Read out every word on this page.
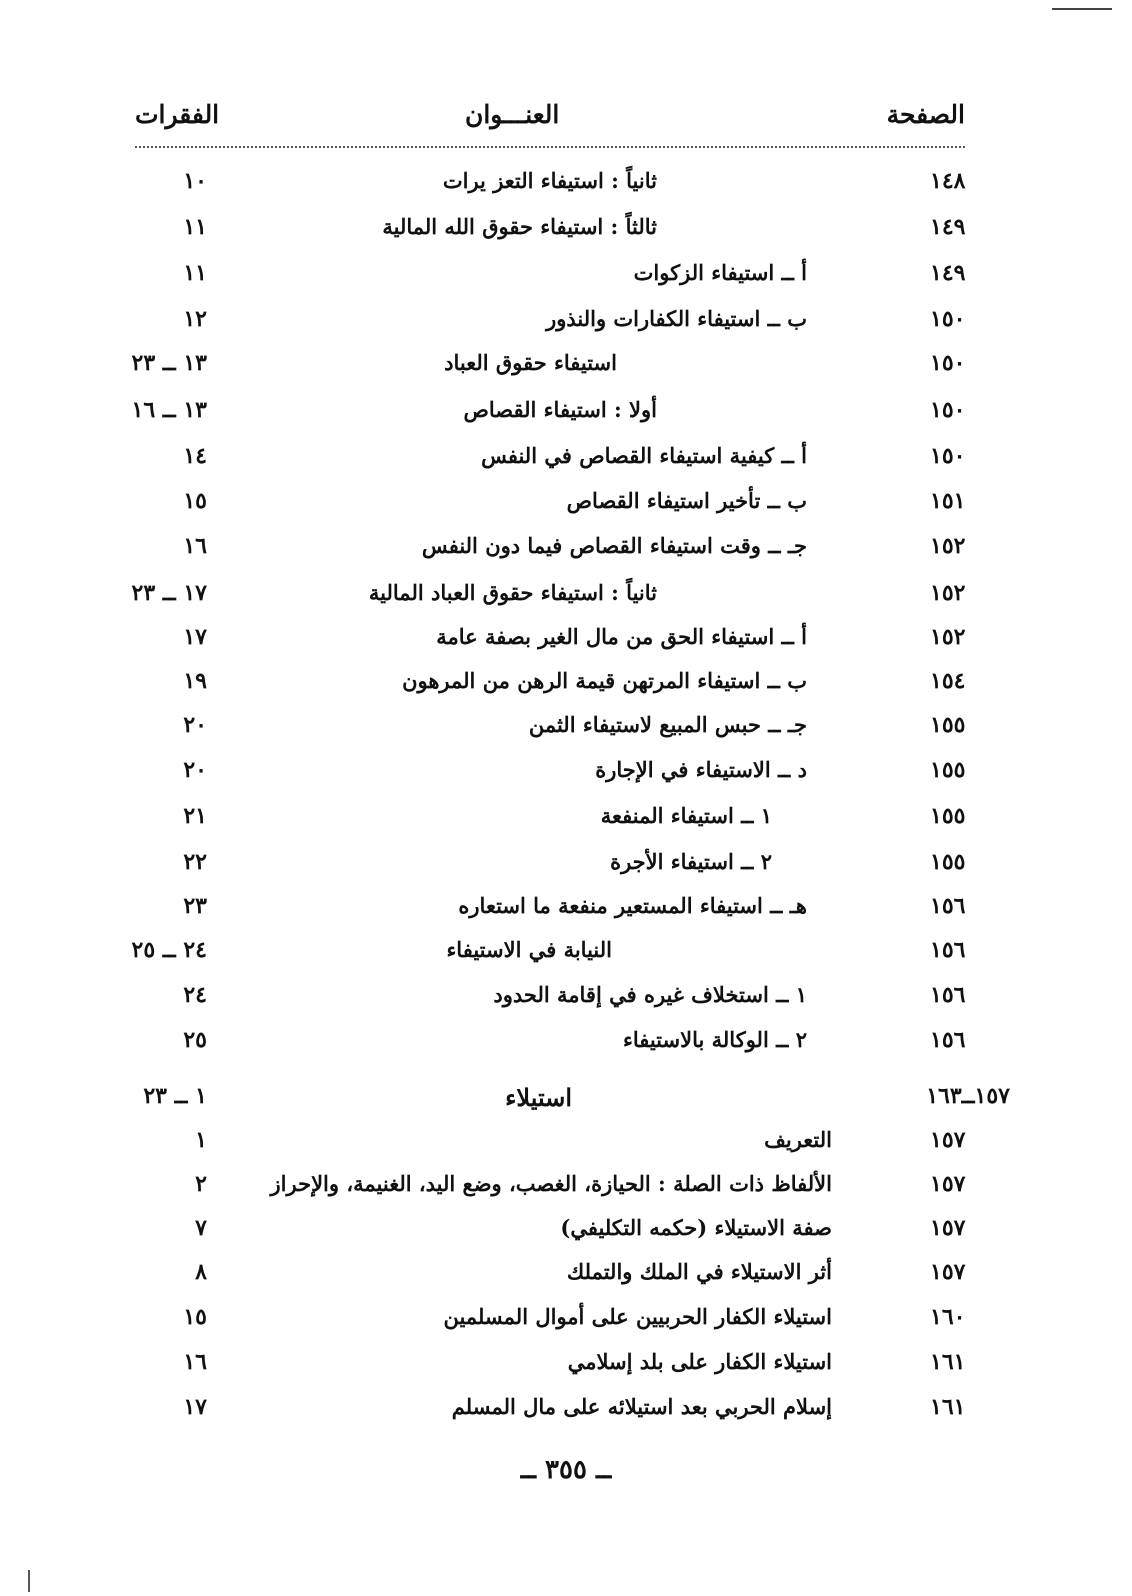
الفقرات	العنـــوان	الصفحة
١٠	ثانياً : استيفاء التعز يرات	١٤٨
١١	ثالثاً : استيفاء حقوق الله المالية	١٤٩
١١	أ ــ استيفاء الزكوات	١٤٩
١٢	ب ــ استيفاء الكفارات والنذور	١٥٠
١٣ ــ ٢٣	استيفاء حقوق العباد	١٥٠
١٣ ــ ١٦	أولا : استيفاء القصاص	١٥٠
١٤	أ ــ كيفية استيفاء القصاص في النفس	١٥٠
١٥	ب ــ تأخير استيفاء القصاص	١٥١
١٦	جـ ــ وقت استيفاء القصاص فيما دون النفس	١٥٢
١٧ ــ ٢٣	ثانياً : استيفاء حقوق العباد المالية	١٥٢
١٧	أ ــ استيفاء الحق من مال الغير بصفة عامة	١٥٢
١٩	ب ــ استيفاء المرتهن قيمة الرهن من المرهون	١٥٤
٢٠	جـ ــ حبس المبيع لاستيفاء الثمن	١٥٥
٢٠	د ــ الاستيفاء في الإجارة	١٥٥
٢١	١ ــ استيفاء المنفعة	١٥٥
٢٢	٢ ــ استيفاء الأجرة	١٥٥
٢٣	هـ ــ استيفاء المستعير منفعة ما استعاره	١٥٦
٢٤ ــ ٢٥	النيابة في الاستيفاء	١٥٦
٢٤	١ ــ استخلاف غيره في إقامة الحدود	١٥٦
٢٥	٢ ــ الوكالة بالاستيفاء	١٥٦
١ ــ ٢٣	استيلاء	١٥٧ــ١٦٣
١	التعريف	١٥٧
٢	الألفاظ ذات الصلة : الحيازة، الغصب، وضع اليد، الغنيمة، والإحراز	١٥٧
٧	صفة الاستيلاء (حكمه التكليفي)	١٥٧
٨	أثر الاستيلاء في الملك والتملك	١٥٧
١٥	استيلاء الكفار الحربيين على أموال المسلمين	١٦٠
١٦	استيلاء الكفار على بلد إسلامي	١٦١
١٧	إسلام الحربي بعد استيلائه على مال المسلم	١٦١
ــ ٣٥٥ ــ
